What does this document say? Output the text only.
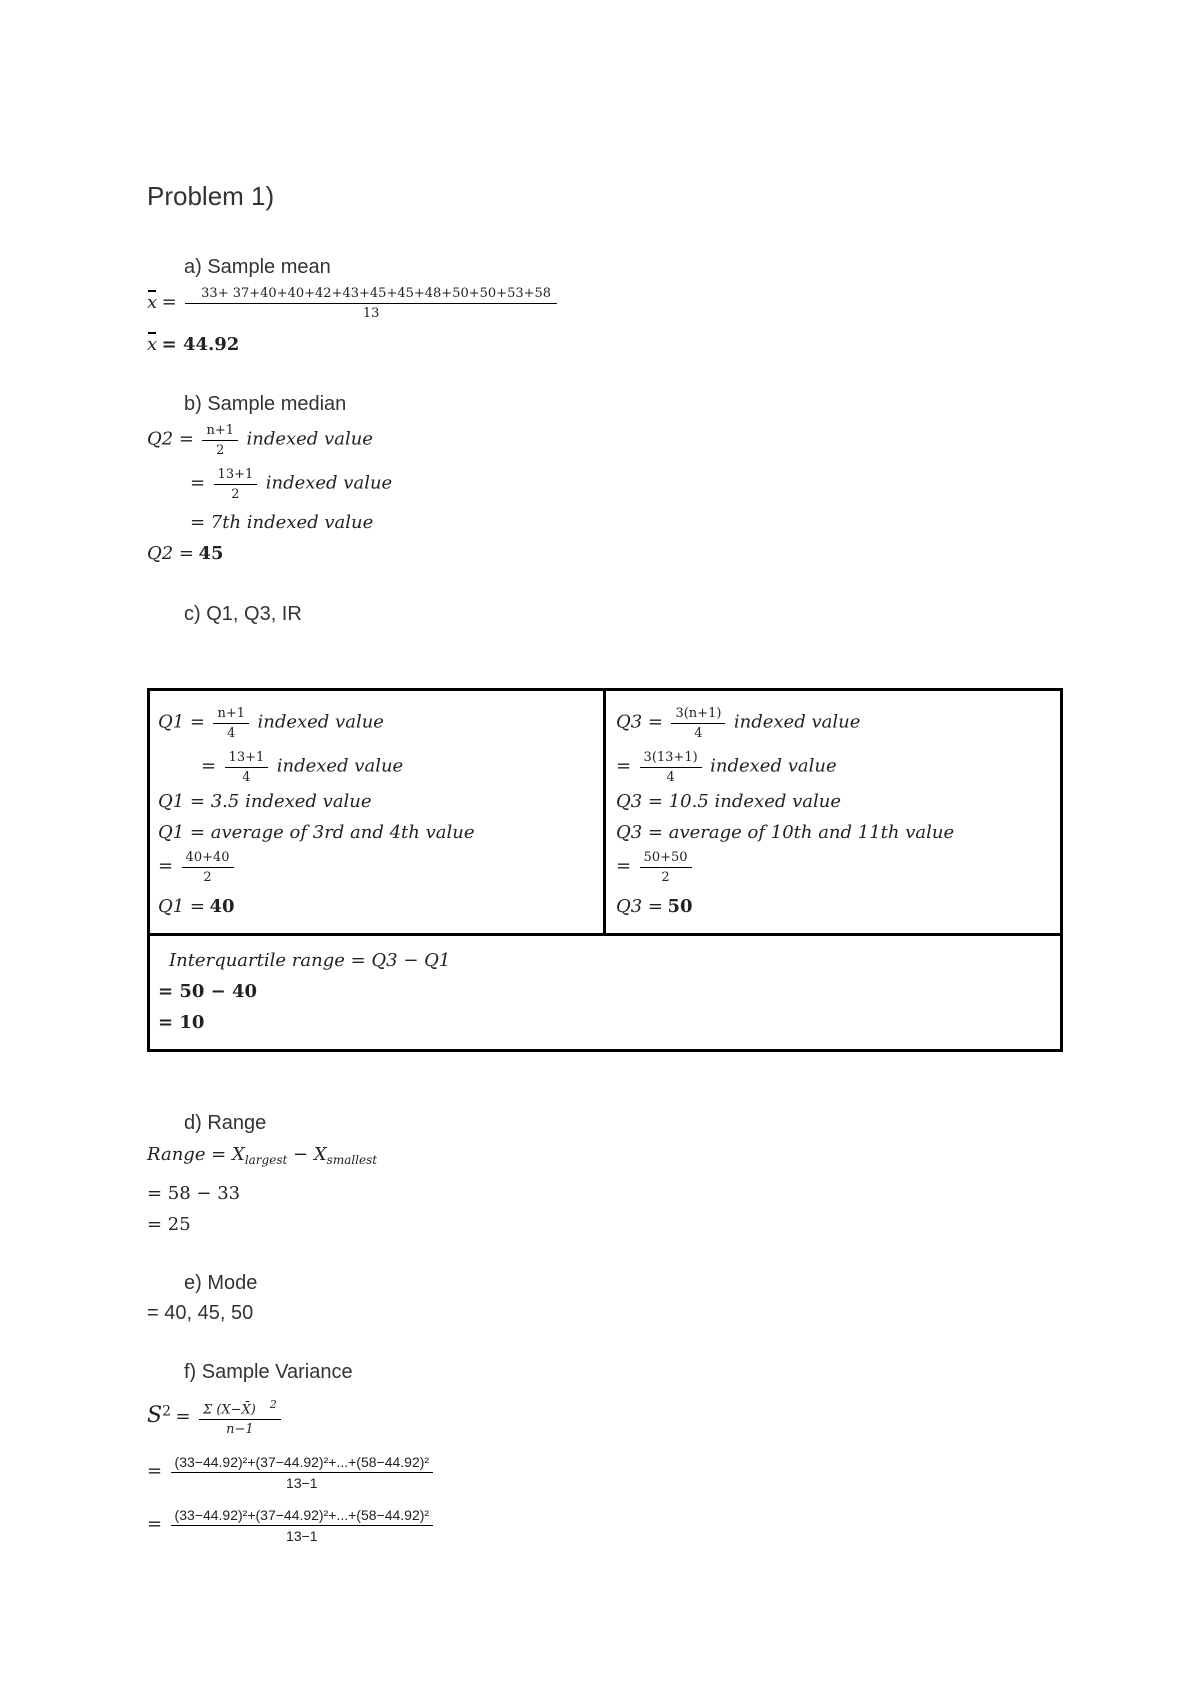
Problem 1)
a) Sample mean
$x = \frac{33+ 37+40+40+42+43+45+45+48+50+50+53+58}{13}$
x = 44.92
b) Sample median
$Q2 = \frac{n+1}{2}$ indexed value
= $\frac{13+1}{2}$ indexed value
= 7th indexed value
Q2 = 45
c) Q1, Q3, IR
$Q1 = \frac{n+1}{4}$ indexed value
= $\frac{13+1}{4}$ indexed value
Q1 = 3.5 indexed value
Q1 = average of 3rd and 4th value
= $\frac{40+40}{2}$
Q1 = 40
$Q3 = \frac{3(n+1)}{4}$ indexed value
= $\frac{3(13+1)}{4}$ indexed value
Q3 = 10.5 indexed value
Q3 = average of 10th and 11th value
= $\frac{50+50}{2}$
Q3 = 50
Interquartile range = Q3 − Q1
= 50 − 40
= 10
d) Range
Range = $X_{largest} - X_{smallest}$
= 58 − 33
= 25
e) Mode
= 40, 45, 50
f) Sample Variance
$S^2 = \frac{\Sigma (X-X̄) ^2}{n-1}$
= $\frac{\text{(33−44.92)²+(37−44.92)²+...+(58−44.92)²}}{13-1}$
= $\frac{\text{(33−44.92)²+(37−44.92)²+...+(58−44.92)²}}{13-1}$
